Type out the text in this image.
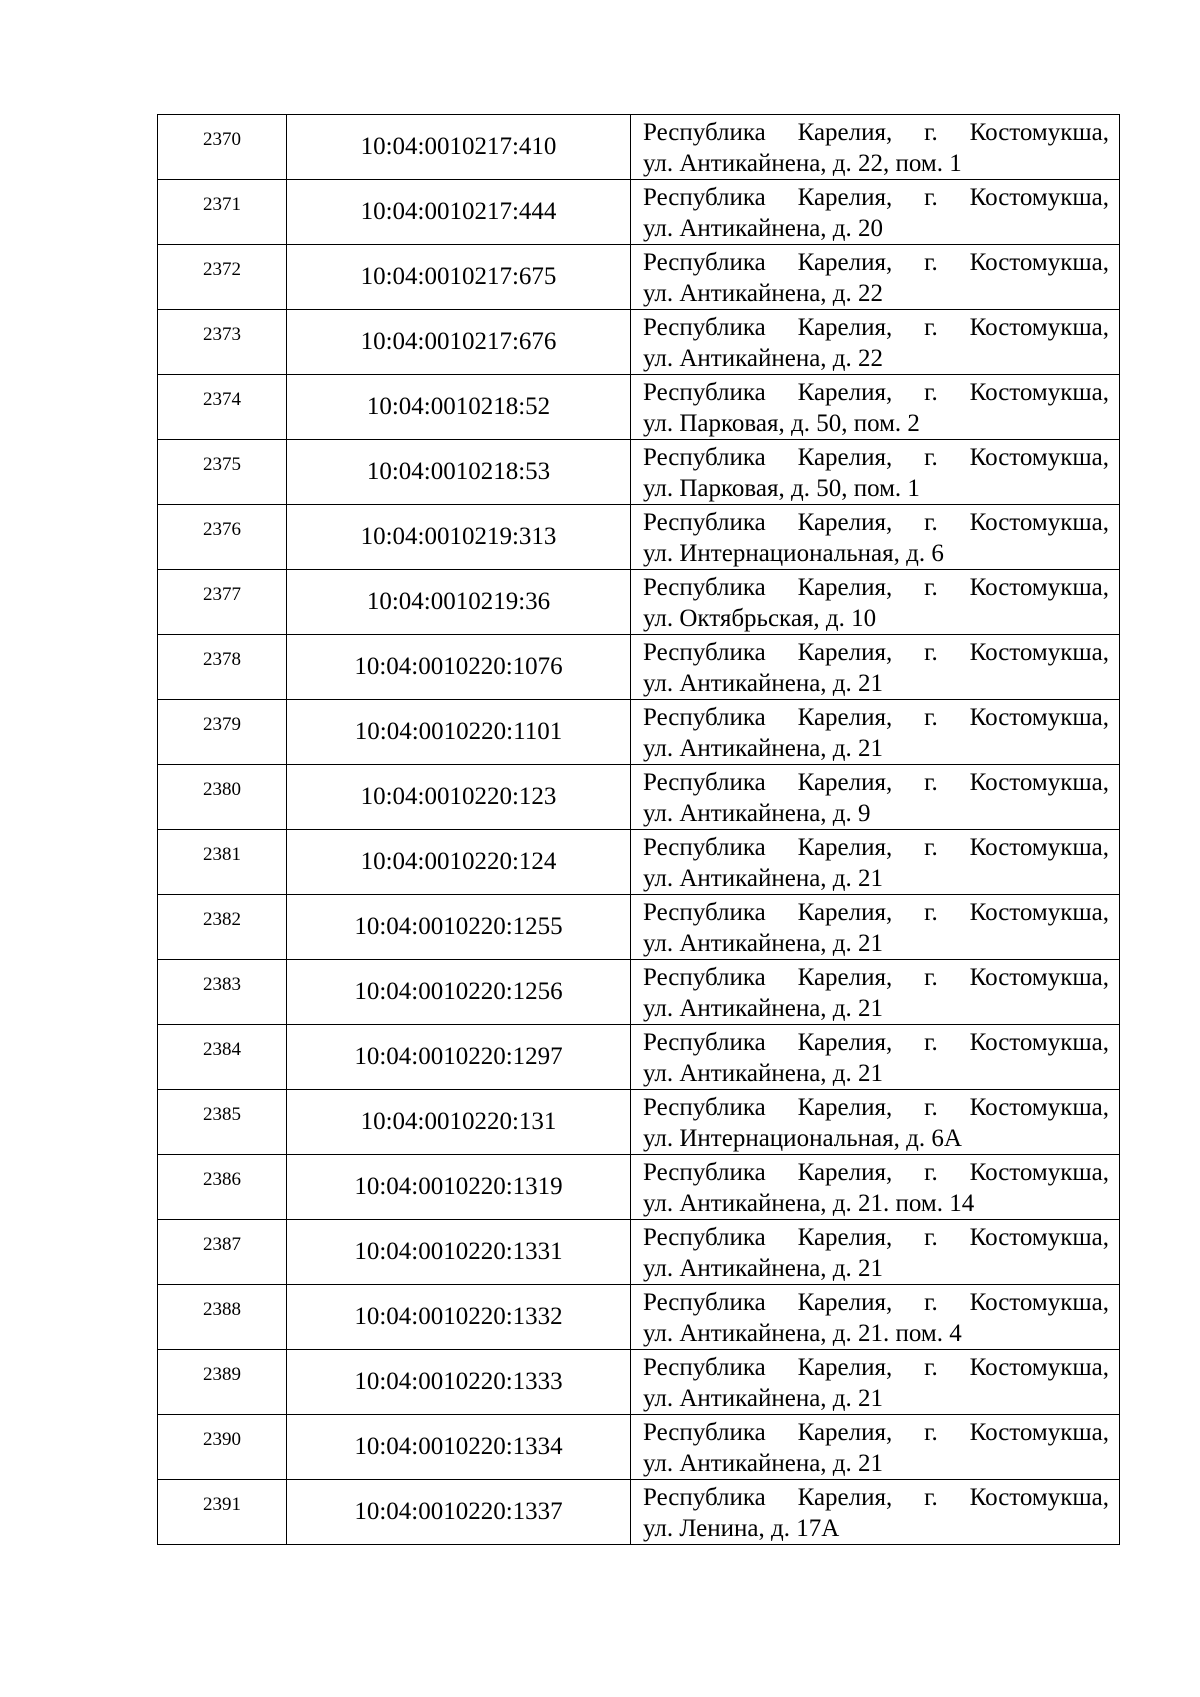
2370	10:04:0010217:410	Республика Карелия, г. Костомукша,
ул. Антикайнена, д. 22, пом. 1

2371	10:04:0010217:444	Республика Карелия, г. Костомукша,
ул. Антикайнена, д. 20

2372	10:04:0010217:675	Республика Карелия, г. Костомукша,
ул. Антикайнена, д. 22

2373	10:04:0010217:676	Республика Карелия, г. Костомукша,
ул. Антикайнена, д. 22

2374	10:04:0010218:52	Республика Карелия, г. Костомукша,
ул. Парковая, д. 50, пом. 2

2375	10:04:0010218:53	Республика Карелия, г. Костомукша,
ул. Парковая, д. 50, пом. 1

2376	10:04:0010219:313	Республика Карелия, г. Костомукша,
ул. Интернациональная, д. 6

2377	10:04:0010219:36	Республика Карелия, г. Костомукша,
ул. Октябрьская, д. 10

2378	10:04:0010220:1076	Республика Карелия, г. Костомукша,
ул. Антикайнена, д. 21

2379	10:04:0010220:1101	Республика Карелия, г. Костомукша,
ул. Антикайнена, д. 21

2380	10:04:0010220:123	Республика Карелия, г. Костомукша,
ул. Антикайнена, д. 9

2381	10:04:0010220:124	Республика Карелия, г. Костомукша,
ул. Антикайнена, д. 21

2382	10:04:0010220:1255	Республика Карелия, г. Костомукша,
ул. Антикайнена, д. 21

2383	10:04:0010220:1256	Республика Карелия, г. Костомукша,
ул. Антикайнена, д. 21

2384	10:04:0010220:1297	Республика Карелия, г. Костомукша,
ул. Антикайнена, д. 21

2385	10:04:0010220:131	Республика Карелия, г. Костомукша,
ул. Интернациональная, д. 6А

2386	10:04:0010220:1319	Республика Карелия, г. Костомукша,
ул. Антикайнена, д. 21. пом. 14

2387	10:04:0010220:1331	Республика Карелия, г. Костомукша,
ул. Антикайнена, д. 21

2388	10:04:0010220:1332	Республика Карелия, г. Костомукша,
ул. Антикайнена, д. 21. пом. 4

2389	10:04:0010220:1333	Республика Карелия, г. Костомукша,
ул. Антикайнена, д. 21

2390	10:04:0010220:1334	Республика Карелия, г. Костомукша,
ул. Антикайнена, д. 21

2391	10:04:0010220:1337	Республика Карелия, г. Костомукша,
ул. Ленина, д. 17А
